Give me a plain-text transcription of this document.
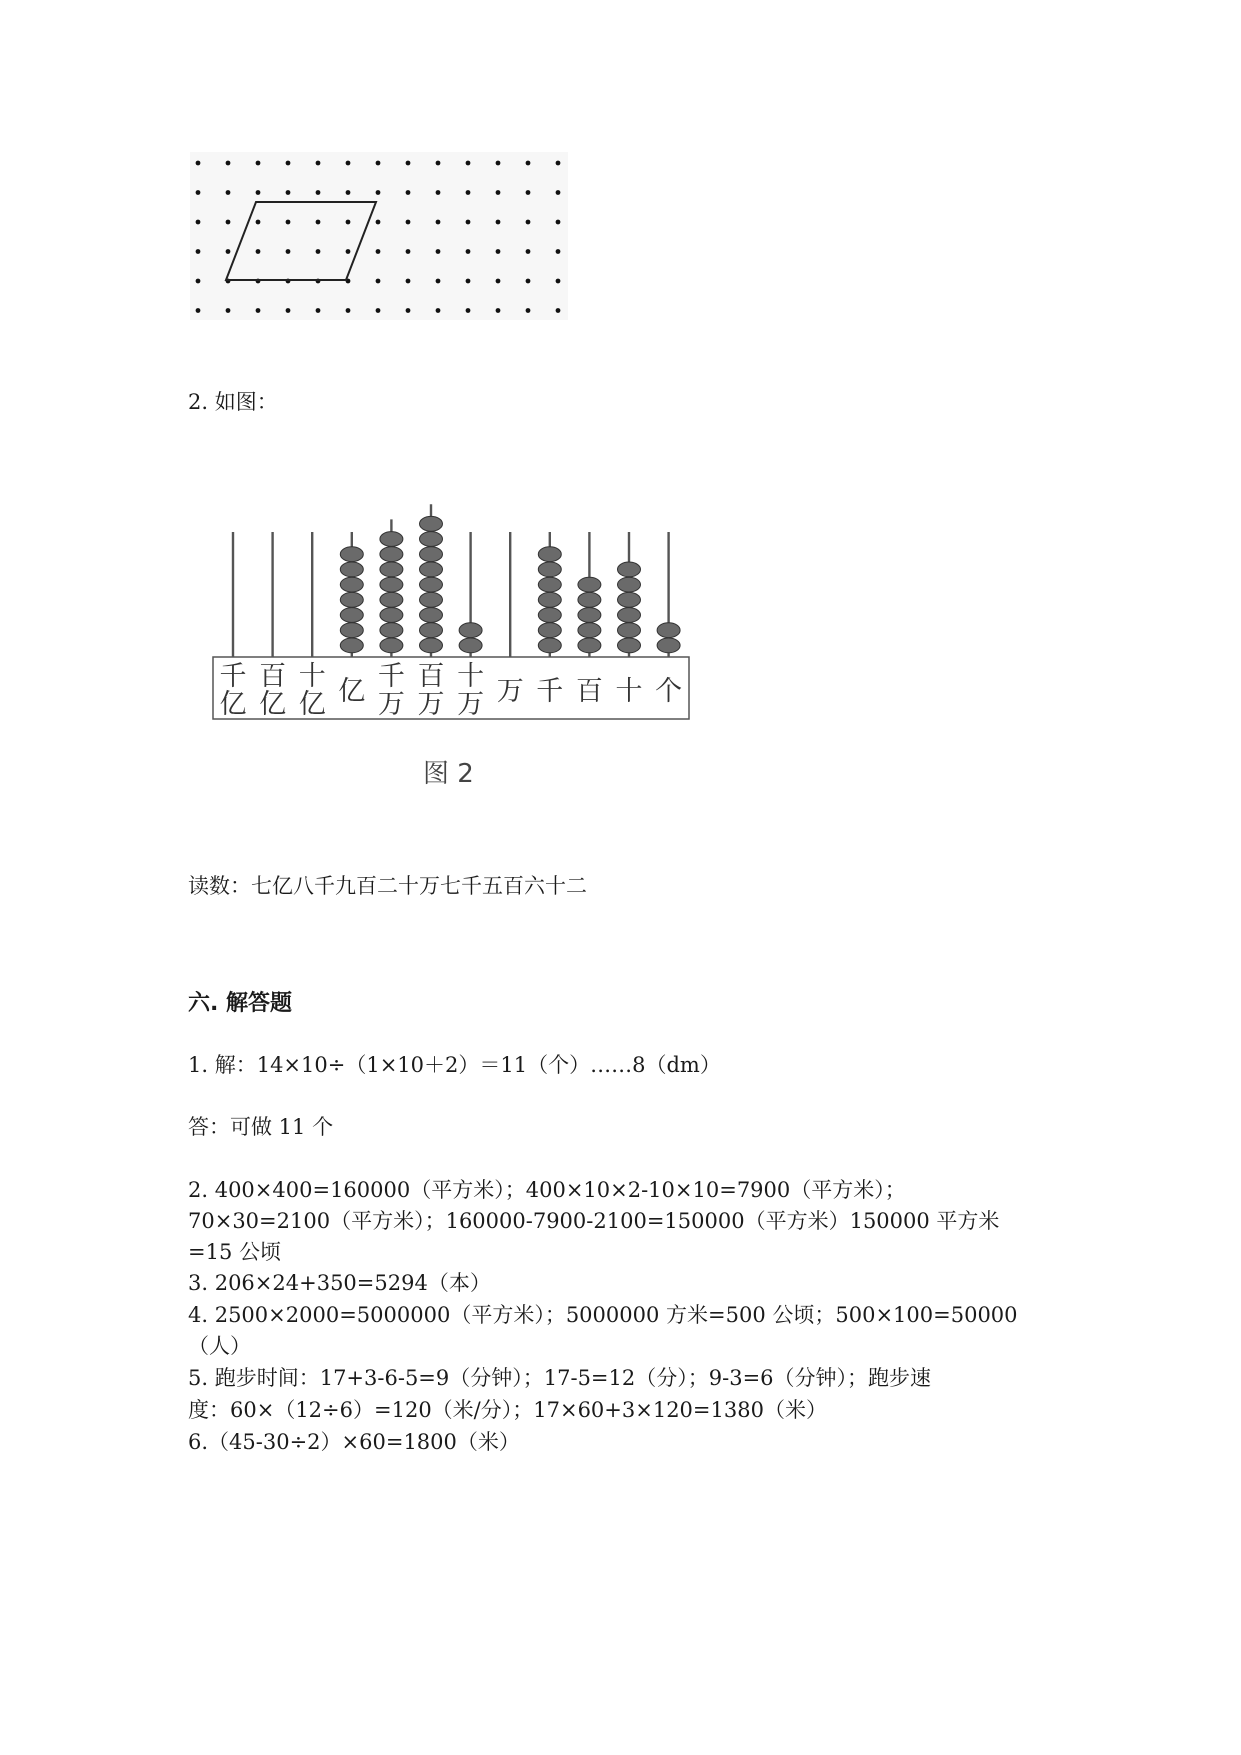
2. 如图：
千
亿
百
亿
十
亿 亿 千
万
百
万
十
万 万 千 百 十 个
图 2
读数：七亿八千九百二十万七千五百六十二
六. 解答题
1. 解：14×10÷（1×10＋2）＝11（个）……8（dm）
答：可做 11 个
2. 400×400=160000（平方米）；400×10×2-10×10=7900（平方米）；
70×30=2100（平方米）；160000-7900-2100=150000（平方米）150000 平方米
=15 公顷
3. 206×24+350=5294（本）
4. 2500×2000=5000000（平方米）；5000000 方米=500 公顷；500×100=50000
（人）
5. 跑步时间：17+3-6-5=9（分钟）；17-5=12（分）；9-3=6（分钟）；跑步速
度：60×（12÷6）=120（米/分）；17×60+3×120=1380（米）
6.（45-30÷2）×60=1800（米）
